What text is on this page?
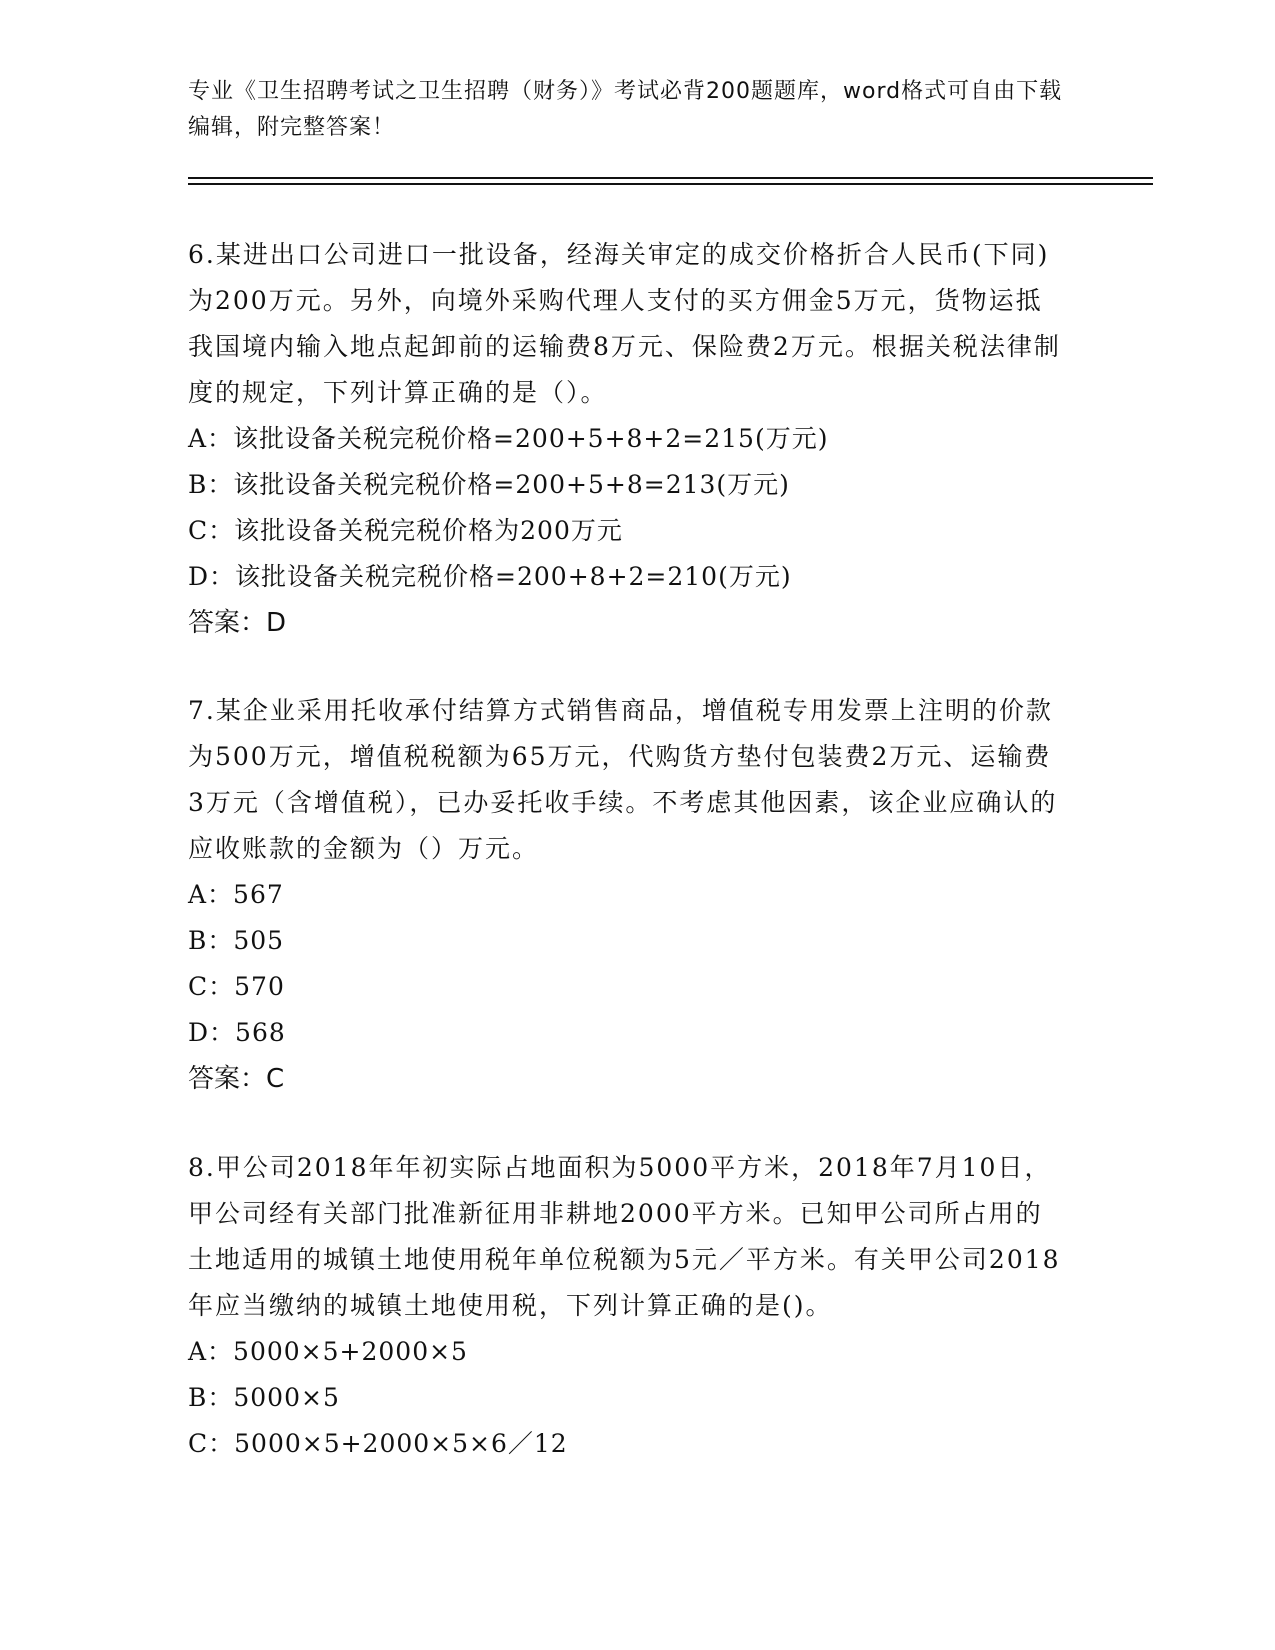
专业《卫生招聘考试之卫生招聘（财务）》考试必背200题题库，word格式可自由下载编辑，附完整答案！

6.某进出口公司进口一批设备，经海关审定的成交价格折合人民币(下同)为200万元。另外，向境外采购代理人支付的买方佣金5万元，货物运抵我国境内输入地点起卸前的运输费8万元、保险费2万元。根据关税法律制度的规定，下列计算正确的是（）。

A：该批设备关税完税价格=200+5+8+2=215(万元)

B：该批设备关税完税价格=200+5+8=213(万元)

C：该批设备关税完税价格为200万元

D：该批设备关税完税价格=200+8+2=210(万元)

答案：D

7.某企业采用托收承付结算方式销售商品，增值税专用发票上注明的价款为500万元，增值税税额为65万元，代购货方垫付包装费2万元、运输费3万元（含增值税），已办妥托收手续。不考虑其他因素，该企业应确认的应收账款的金额为（）万元。

A：567

B：505

C：570

D：568

答案：C

8.甲公司2018年年初实际占地面积为5000平方米，2018年7月10日，甲公司经有关部门批准新征用非耕地2000平方米。已知甲公司所占用的土地适用的城镇土地使用税年单位税额为5元／平方米。有关甲公司2018年应当缴纳的城镇土地使用税，下列计算正确的是()。

A：5000×5+2000×5

B：5000×5

C：5000×5+2000×5×6／12
